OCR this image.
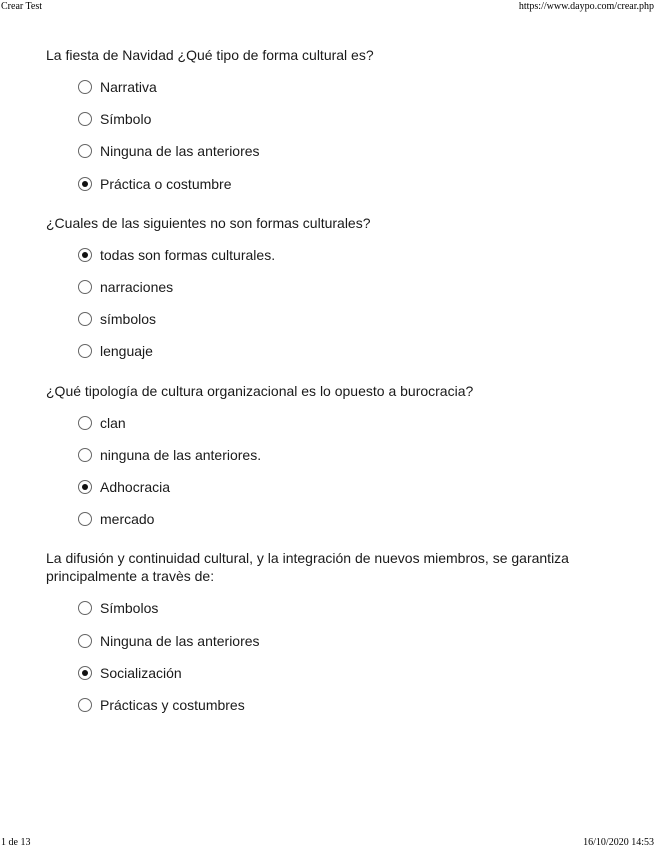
Crear Test	https://www.daypo.com/crear.php

La fiesta de Navidad ¿Qué tipo de forma cultural es?

Narrativa
Símbolo
Ninguna de las anteriores
Práctica o costumbre

¿Cuales de las siguientes no son formas culturales?

todas son formas culturales.
narraciones
símbolos
lenguaje

¿Qué tipología de cultura organizacional es lo opuesto a burocracia?

clan
ninguna de las anteriores.
Adhocracia
mercado

La difusión y continuidad cultural, y la integración de nuevos miembros, se garantiza principalmente a travès de:

Símbolos
Ninguna de las anteriores
Socialización
Prácticas y costumbres
1 de 13	16/10/2020 14:53
